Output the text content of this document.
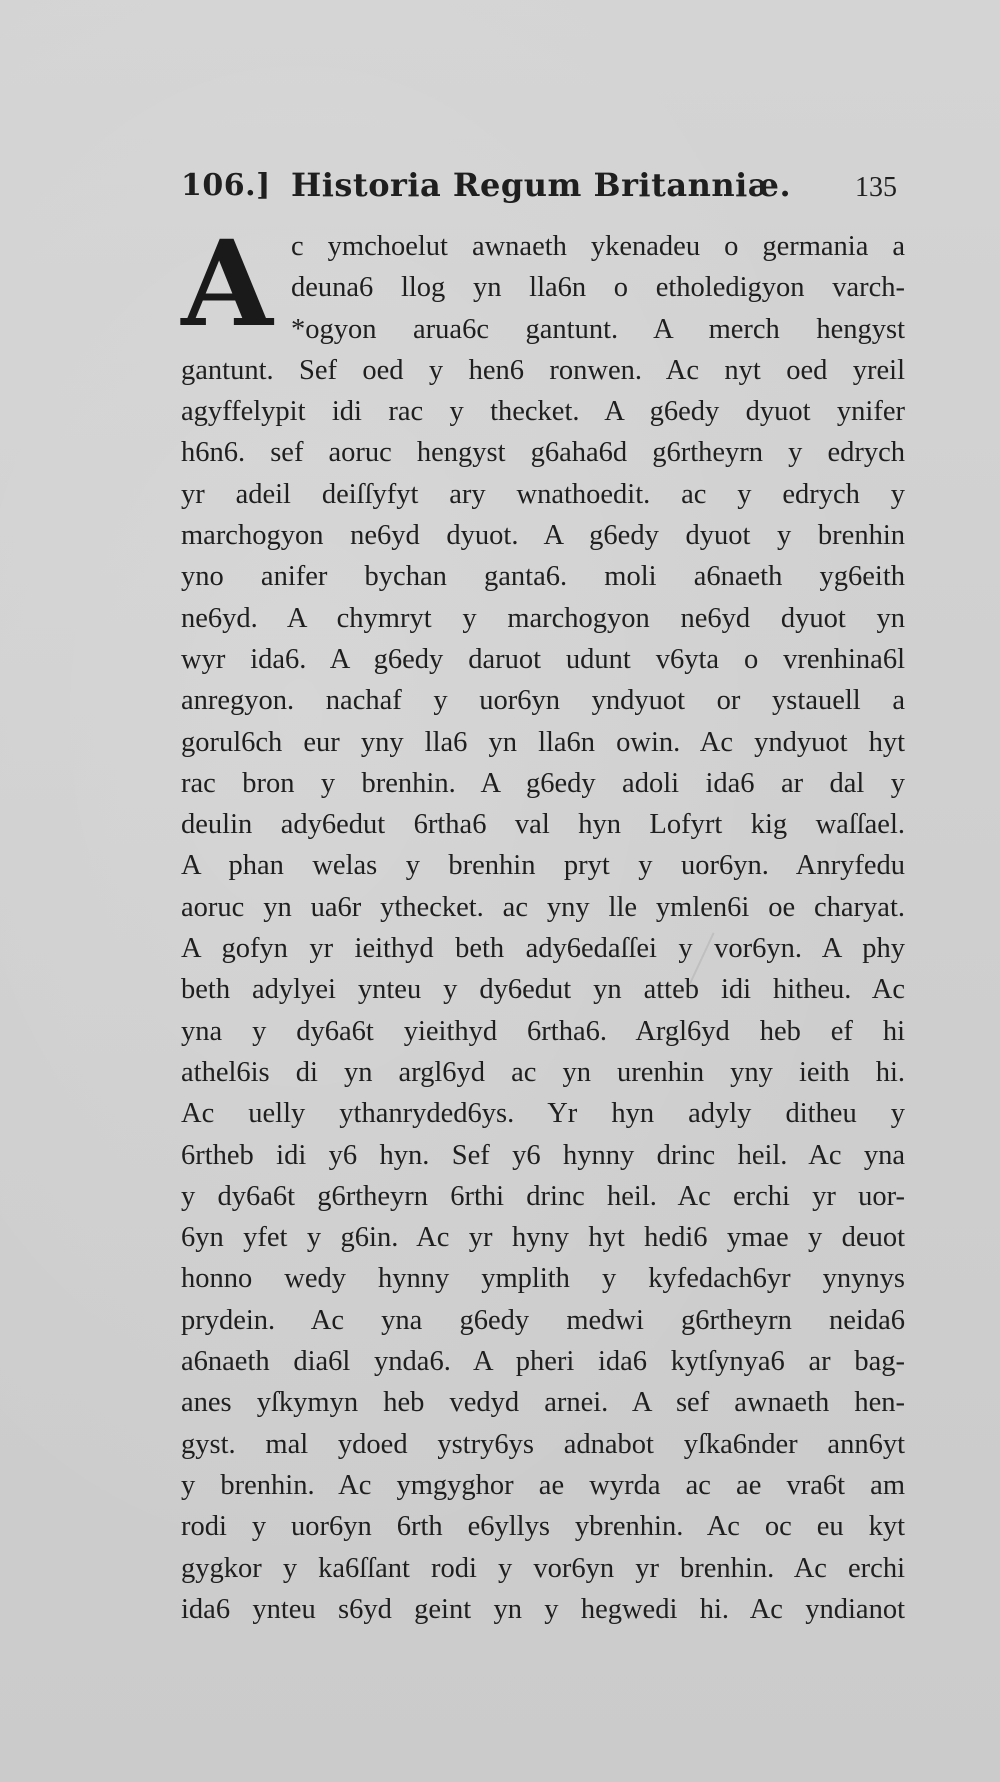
106.] Historia Regum Britanniæ. 135
A c ymchoelut awnaeth ykenadeu o germania a
deuna6 llog yn lla6n o etholedigyon varch-
*ogyon arua6c gantunt. A merch hengyst
gantunt. Sef oed y hen6 ronwen. Ac nyt oed yreil
agyffelypit idi rac y thecket. A g6edy dyuot ynifer
h6n6. sef aoruc hengyst g6aha6d g6rtheyrn y edrych
yr adeil deiſſyfyt ary wnathoedit. ac y edrych y
marchogyon ne6yd dyuot. A g6edy dyuot y brenhin
yno anifer bychan ganta6. moli a6naeth yg6eith
ne6yd. A chymryt y marchogyon ne6yd dyuot yn
wyr ida6. A g6edy daruot udunt v6yta o vrenhina6l
anregyon. nachaf y uor6yn yndyuot or ystauell a
gorul6ch eur yny lla6 yn lla6n owin. Ac yndyuot hyt
rac bron y brenhin. A g6edy adoli ida6 ar dal y
deulin ady6edut 6rtha6 val hyn Lofyrt kig waſſael.
A phan welas y brenhin pryt y uor6yn. Anryfedu
aoruc yn ua6r ythecket. ac yny lle ymlen6i oe charyat.
A gofyn yr ieithyd beth ady6edaſſei y vor6yn. A phy
beth adylyei ynteu y dy6edut yn atteb idi hitheu. Ac
yna y dy6a6t yieithyd 6rtha6. Argl6yd heb ef hi
athel6is di yn argl6yd ac yn urenhin yny ieith hi.
Ac uelly ythanryded6ys. Yr hyn adyly ditheu y
6rtheb idi y6 hyn. Sef y6 hynny drinc heil. Ac yna
y dy6a6t g6rtheyrn 6rthi drinc heil. Ac erchi yr uor-
6yn yfet y g6in. Ac yr hyny hyt hedi6 ymae y deuot
honno wedy hynny ymplith y kyfedach6yr ynynys
prydein. Ac yna g6edy medwi g6rtheyrn neida6
a6naeth dia6l ynda6. A pheri ida6 kytſynya6 ar bag-
anes yſkymyn heb vedyd arnei. A sef awnaeth hen-
gyst. mal ydoed ystry6ys adnabot yſka6nder ann6yt
y brenhin. Ac ymgyghor ae wyrda ac ae vra6t am
rodi y uor6yn 6rth e6yllys ybrenhin. Ac oc eu kyt
gygkor y ka6ſſant rodi y vor6yn yr brenhin. Ac erchi
ida6 ynteu s6yd geint yn y hegwedi hi. Ac yndianot
